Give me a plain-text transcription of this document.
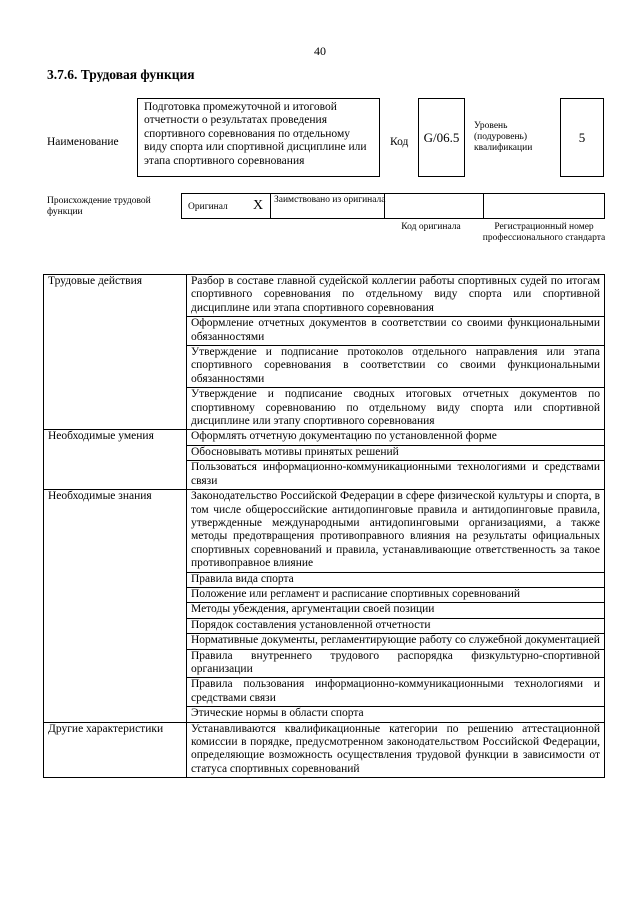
40
3.7.6. Трудовая функция
Наименование
Подготовка промежуточной и итоговой отчетности о результатах проведения спортивного соревнования по отдельному виду спорта или спортивной дисциплине или этапа спортивного соревнования
Код	G/06.5
Уровень (подуровень) квалификации
5
Происхождение трудовой функции	Оригинал X Заимствовано из оригинала
Код оригинала	Регистрационный номер профессионального стандарта
Трудовые действия	Разбор в составе главной судейской коллегии работы спортивных судей по итогам спортивного соревнования по отдельному виду спорта или спортивной дисциплине или этапа спортивного соревнования
	Оформление отчетных документов в соответствии со своими функциональными обязанностями
	Утверждение и подписание протоколов отдельного направления или этапа спортивного соревнования в соответствии со своими функциональными обязанностями
	Утверждение и подписание сводных итоговых отчетных документов по спортивному соревнованию по отдельному виду спорта или спортивной дисциплине или этапу спортивного соревнования
Необходимые умения	Оформлять отчетную документацию по установленной форме
	Обосновывать мотивы принятых решений
	Пользоваться информационно-коммуникационными технологиями и средствами связи
Необходимые знания	Законодательство Российской Федерации в сфере физической культуры и спорта, в том числе общероссийские антидопинговые правила и антидопинговые правила, утвержденные международными антидопинговыми организациями, а также методы предотвращения противоправного влияния на результаты официальных спортивных соревнований и правила, устанавливающие ответственность за такое противоправное влияние
	Правила вида спорта
	Положение или регламент и расписание спортивных соревнований
	Методы убеждения, аргументации своей позиции
	Порядок составления установленной отчетности
	Нормативные документы, регламентирующие работу со служебной документацией
	Правила внутреннего трудового распорядка физкультурно-спортивной организации
	Правила пользования информационно-коммуникационными технологиями и средствами связи
	Этические нормы в области спорта
Другие характеристики	Устанавливаются квалификационные категории по решению аттестационной комиссии в порядке, предусмотренном законодательством Российской Федерации, определяющие возможность осуществления трудовой функции в зависимости от статуса спортивных соревнований
